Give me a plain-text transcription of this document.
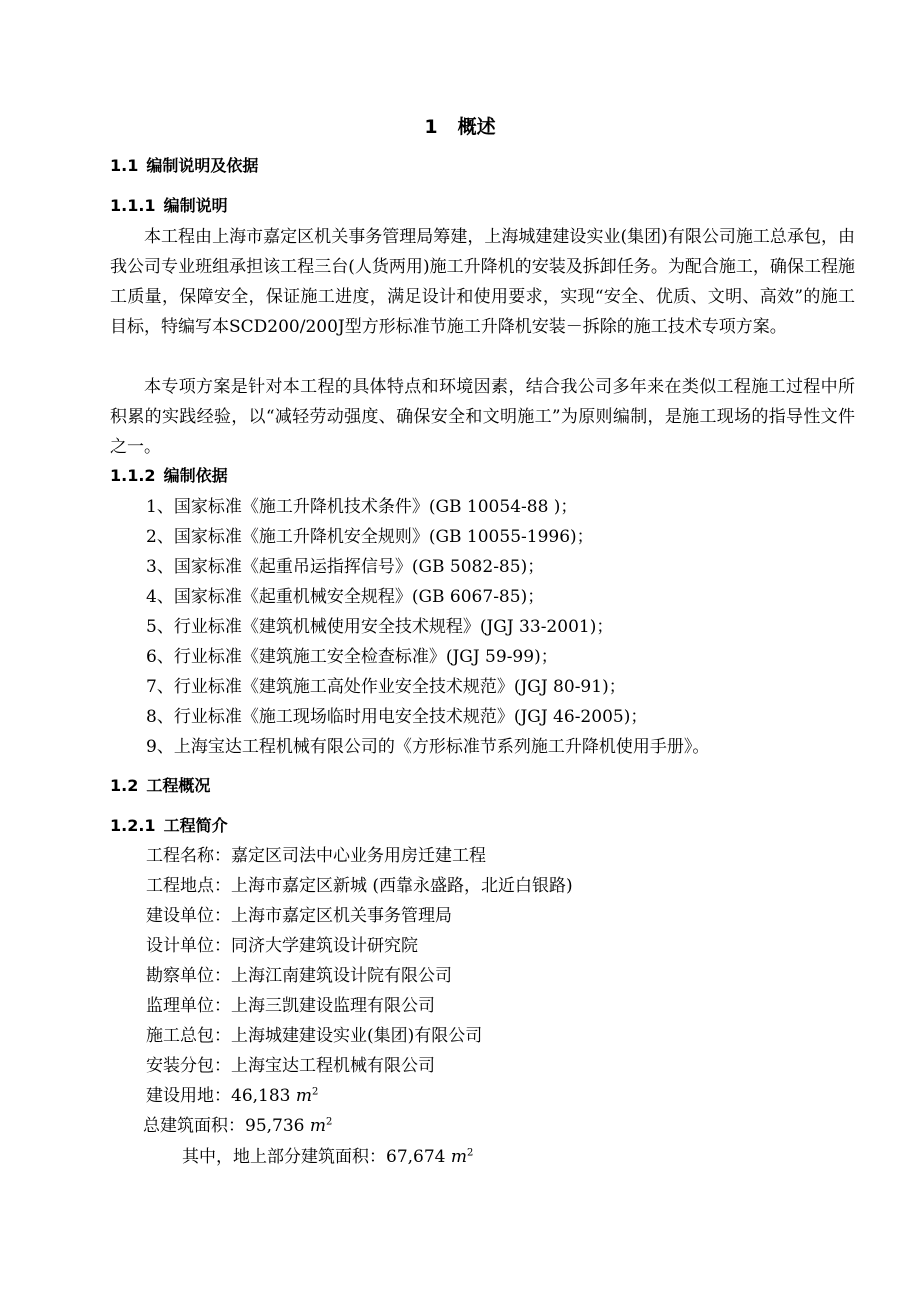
1 概述
1.1 编制说明及依据
1.1.1 编制说明
本工程由上海市嘉定区机关事务管理局筹建，上海城建建设实业(集团)有限公司施工总承包，由我公司专业班组承担该工程三台(人货两用)施工升降机的安装及拆卸任务。为配合施工，确保工程施工质量，保障安全，保证施工进度，满足设计和使用要求，实现“安全、优质、文明、高效”的施工目标，特编写本SCD200/200J型方形标准节施工升降机安装－拆除的施工技术专项方案。
本专项方案是针对本工程的具体特点和环境因素，结合我公司多年来在类似工程施工过程中所积累的实践经验，以“减轻劳动强度、确保安全和文明施工”为原则编制，是施工现场的指导性文件之一。
1.1.2 编制依据
1、国家标准《施工升降机技术条件》(GB 10054-88 )；
2、国家标准《施工升降机安全规则》(GB 10055-1996)；
3、国家标准《起重吊运指挥信号》(GB 5082-85)；
4、国家标准《起重机械安全规程》(GB 6067-85)；
5、行业标准《建筑机械使用安全技术规程》(JGJ 33-2001)；
6、行业标准《建筑施工安全检查标准》(JGJ 59-99)；
7、行业标准《建筑施工高处作业安全技术规范》(JGJ 80-91)；
8、行业标准《施工现场临时用电安全技术规范》(JGJ 46-2005)；
9、上海宝达工程机械有限公司的《方形标准节系列施工升降机使用手册》。
1.2 工程概况
1.2.1 工程简介
工程名称：嘉定区司法中心业务用房迁建工程
工程地点：上海市嘉定区新城 (西靠永盛路，北近白银路)
建设单位：上海市嘉定区机关事务管理局
设计单位：同济大学建筑设计研究院
勘察单位：上海江南建筑设计院有限公司
监理单位：上海三凯建设监理有限公司
施工总包：上海城建建设实业(集团)有限公司
安装分包：上海宝达工程机械有限公司
建设用地：46,183 $m^2$
总建筑面积：95,736 $m^2$
其中，地上部分建筑面积：67,674 $m^2$
